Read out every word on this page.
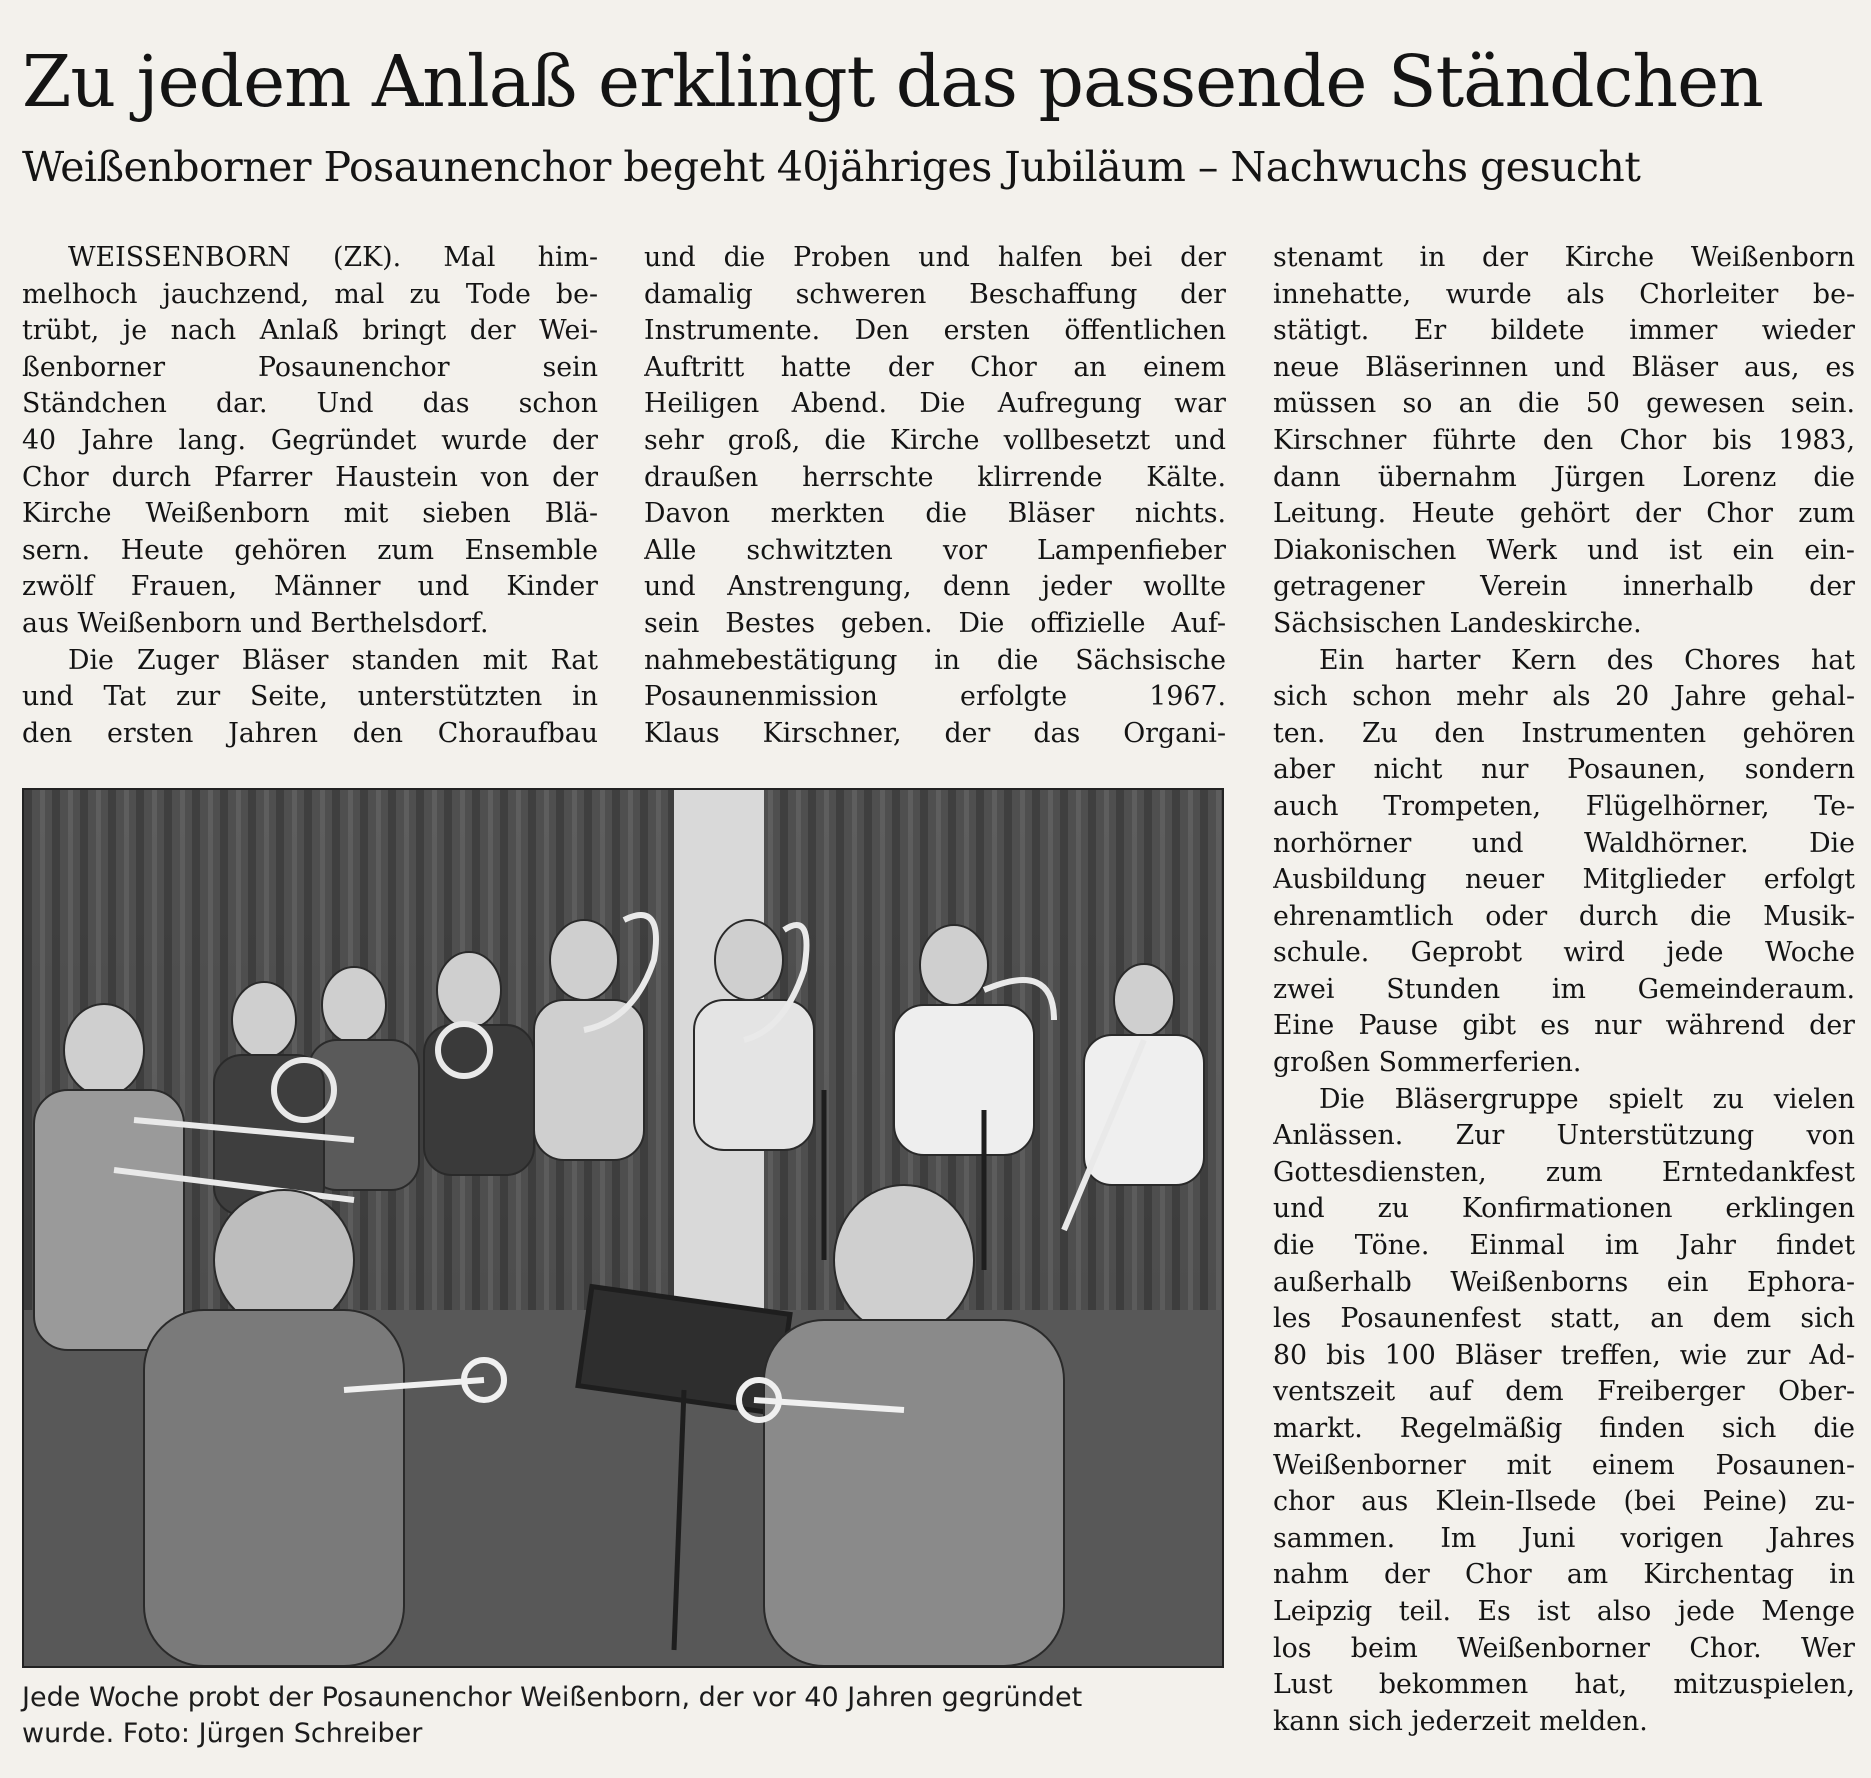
Zu jedem Anlaß erklingt das passende Ständchen
Weißenborner Posaunenchor begeht 40jähriges Jubiläum – Nachwuchs gesucht
WEISSENBORN (ZK). Mal him-
melhoch jauchzend, mal zu Tode be-
trübt, je nach Anlaß bringt der Wei-
ßenborner Posaunenchor sein
Ständchen dar. Und das schon
40 Jahre lang. Gegründet wurde der
Chor durch Pfarrer Haustein von der
Kirche Weißenborn mit sieben Blä-
sern. Heute gehören zum Ensemble
zwölf Frauen, Männer und Kinder
aus Weißenborn und Berthelsdorf.
Die Zuger Bläser standen mit Rat
und Tat zur Seite, unterstützten in
den ersten Jahren den Choraufbau
und die Proben und halfen bei der
damalig schweren Beschaffung der
Instrumente. Den ersten öffentlichen
Auftritt hatte der Chor an einem
Heiligen Abend. Die Aufregung war
sehr groß, die Kirche vollbesetzt und
draußen herrschte klirrende Kälte.
Davon merkten die Bläser nichts.
Alle schwitzten vor Lampenfieber
und Anstrengung, denn jeder wollte
sein Bestes geben. Die offizielle Auf-
nahmebestätigung in die Sächsische
Posaunenmission erfolgte 1967.
Klaus Kirschner, der das Organi-
stenamt in der Kirche Weißenborn
innehatte, wurde als Chorleiter be-
stätigt. Er bildete immer wieder
neue Bläserinnen und Bläser aus, es
müssen so an die 50 gewesen sein.
Kirschner führte den Chor bis 1983,
dann übernahm Jürgen Lorenz die
Leitung. Heute gehört der Chor zum
Diakonischen Werk und ist ein ein-
getragener Verein innerhalb der
Sächsischen Landeskirche.
Ein harter Kern des Chores hat
sich schon mehr als 20 Jahre gehal-
ten. Zu den Instrumenten gehören
aber nicht nur Posaunen, sondern
auch Trompeten, Flügelhörner, Te-
norhörner und Waldhörner. Die
Ausbildung neuer Mitglieder erfolgt
ehrenamtlich oder durch die Musik-
schule. Geprobt wird jede Woche
zwei Stunden im Gemeinderaum.
Eine Pause gibt es nur während der
großen Sommerferien.
Die Bläsergruppe spielt zu vielen
Anlässen. Zur Unterstützung von
Gottesdiensten, zum Erntedankfest
und zu Konfirmationen erklingen
die Töne. Einmal im Jahr findet
außerhalb Weißenborns ein Ephora-
les Posaunenfest statt, an dem sich
80 bis 100 Bläser treffen, wie zur Ad-
ventszeit auf dem Freiberger Ober-
markt. Regelmäßig finden sich die
Weißenborner mit einem Posaunen-
chor aus Klein-Ilsede (bei Peine) zu-
sammen. Im Juni vorigen Jahres
nahm der Chor am Kirchentag in
Leipzig teil. Es ist also jede Menge
los beim Weißenborner Chor. Wer
Lust bekommen hat, mitzuspielen,
kann sich jederzeit melden.
Jede Woche probt der Posaunenchor Weißenborn, der vor 40 Jahren gegründet
wurde. Foto: Jürgen Schreiber
